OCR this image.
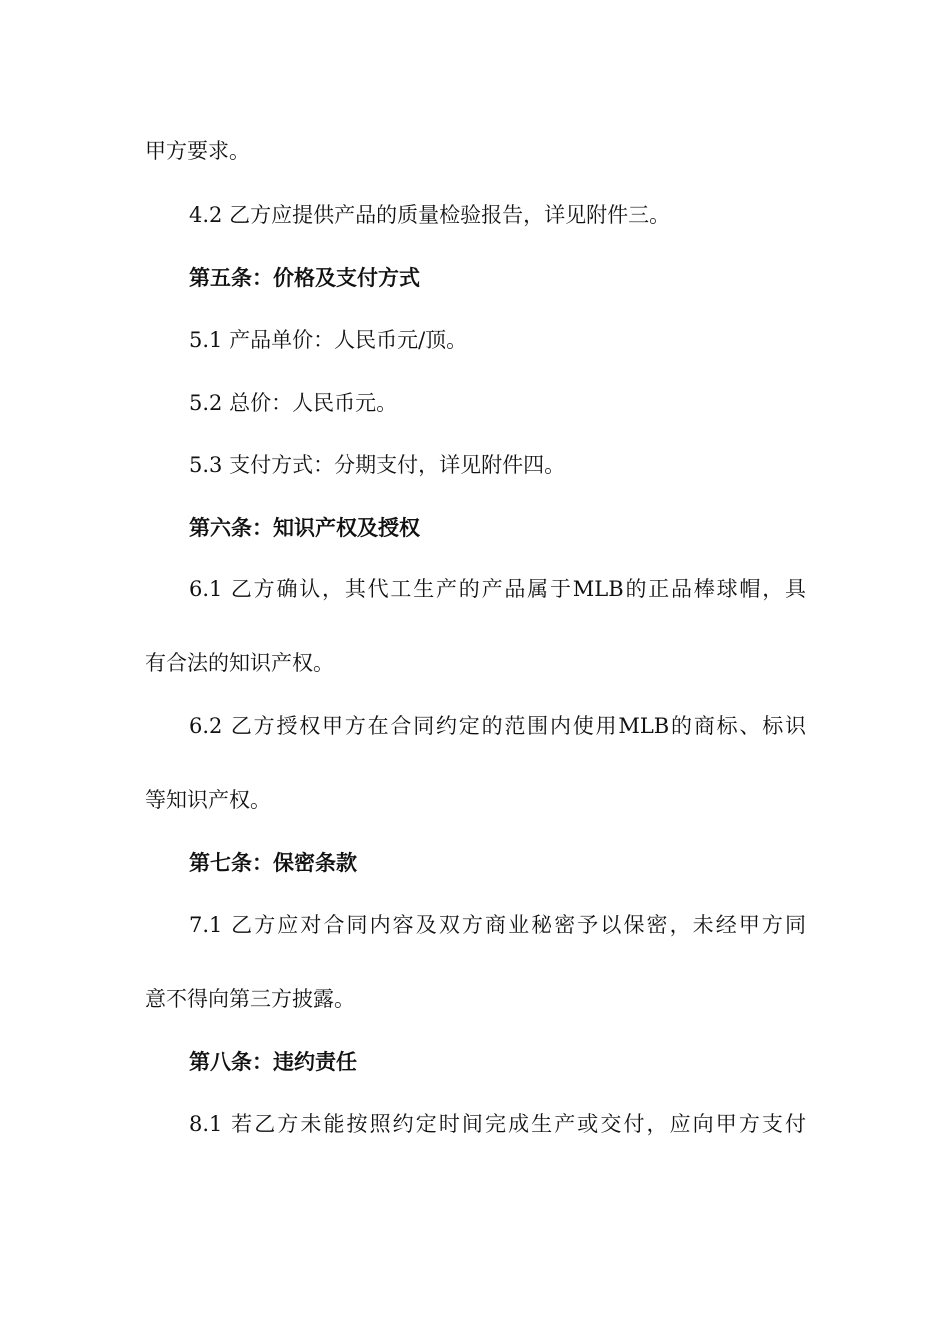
甲方要求。
4.2 乙方应提供产品的质量检验报告，详见附件三。
第五条：价格及支付方式
5.1 产品单价：人民币元/顶。
5.2 总价：人民币元。
5.3 支付方式：分期支付，详见附件四。
第六条：知识产权及授权
6.1 乙方确认，其代工生产的产品属于MLB的正品棒球帽，具
有合法的知识产权。
6.2 乙方授权甲方在合同约定的范围内使用MLB的商标、标识
等知识产权。
第七条：保密条款
7.1 乙方应对合同内容及双方商业秘密予以保密，未经甲方同
意不得向第三方披露。
第八条：违约责任
8.1 若乙方未能按照约定时间完成生产或交付，应向甲方支付
